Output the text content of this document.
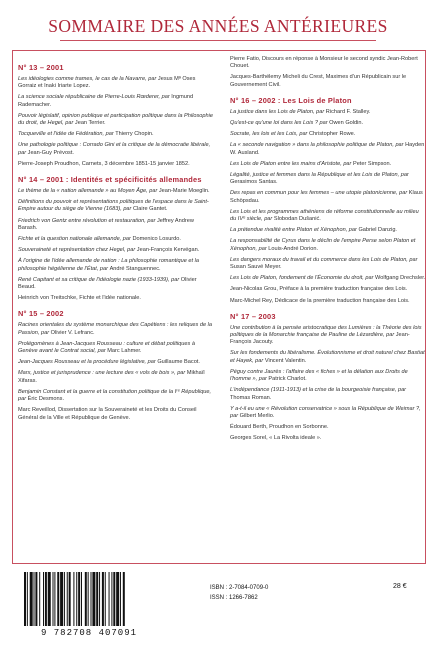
SOMMAIRE DES ANNÉES ANTÉRIEURES
N° 13 – 2001
Les idéologies comme trames, le cas de la Navarre, par Jesus Mª Oses Gorraiz et Inaki Iriarte Lopez.
La science sociale républicaine de Pierre-Louis Rœderer, par Ingmund Rademacher.
Pouvoir législatif, opinion publique et participation politique dans la Philosophie du droit, de Hegel, par Jean Terrier.
Tocqueville et l'idée de Fédération, par Thierry Chopin.
Une pathologie politique : Corrado Gini et la critique de la démocratie libérale, par Jean-Guy Prévost.
Pierre-Joseph Proudhon, Carnets, 3 décembre 1851-15 janvier 1852.
N° 14 – 2001 : Identités et spécificités allemandes
Le thème de la « nation allemande » au Moyen Âge, par Jean-Marie Moeglin.
Définitions du pouvoir et représentations politiques de l'espace dans le Saint-Empire autour du siège de Vienne (1683), par Claire Gantet.
Friedrich von Gentz entre révolution et restauration, par Jeffrey Andrew Barash.
Fichte et la question nationale allemande, par Domenico Losurdo.
Souveraineté et représentation chez Hegel, par Jean-François Kervégan.
À l'origine de l'idée allemande de nation : La philosophie romantique et la philosophie hégélienne de l'État, par André Stanguennec.
René Capitant et sa critique de l'idéologie nazie (1933-1939), par Olivier Beaud.
Heinrich von Treitschke, Fichte et l'idée nationale.
N° 15 – 2002
Racines orientales du système monarchique des Capétiens : les reliques de la Passion, par Olivier V. Lefranc.
Prolégomènes à Jean-Jacques Rousseau : culture et débat politiques à Genève avant le Contrat social, par Marc Lahmer.
Jean-Jacques Rousseau et la procédure législative, par Guillaume Bacot.
Marx, justice et jurisprudence : une lecture des « vols de bois », par Mikhaïl Xifaras.
Benjamin Constant et la guerre et la constitution politique de la Iʳᵉ République, par Éric Desmons.
Marc Reveillod, Dissertation sur la Souveraineté et les Droits du Conseil Général de la Ville et République de Genève.
Pierre Fatio, Discours en réponse à Monsieur le second syndic Jean-Robert Chouet.
Jacques-Barthélemy Micheli du Crest, Maximes d'un Républicain sur le Gouvernement Civil.
N° 16 – 2002 : Les Lois de Platon
La justice dans les Lois de Platon, par Richard F. Stalley.
Qu'est-ce qu'une loi dans les Lois ? par Owen Goldin.
Socrate, les lois et les Lois, par Christopher Rowe.
La « seconde navigation » dans la philosophie politique de Platon, par Hayden W. Ausland.
Les Lois de Platon entre les mains d'Aristote, par Peter Simpson.
Légalité, justice et femmes dans la République et les Lois de Platon, par Gerasimos Santas.
Des repas en commun pour les femmes – une utopie platonicienne, par Klaus Schöpsdau.
Les Lois et les programmes athéniens de réforme constitutionnelle au milieu du IVᵉ siècle, par Slobodan Dušanić.
La prétendue rivalité entre Platon et Xénophon, par Gabriel Danzig.
La responsabilité de Cyrus dans le déclin de l'empire Perse selon Platon et Xénophon, par Louis-André Dorion.
Les dangers moraux du travail et du commerce dans les Lois de Platon, par Susan Sauvé Meyer.
Les Lois de Platon, fondement de l'Économie du droit, par Wolfgang Drechsler.
Jean-Nicolas Grou, Préface à la première traduction française des Lois.
Marc-Michel Rey, Dédicace de la première traduction française des Lois.
N° 17 – 2003
Une contribution à la pensée aristocratique des Lumières : la Théorie des lois politiques de la Monarchie française de Pauline de Lézardière, par Jean-François Jacouty.
Sur les fondements du libéralisme. Évolutionnisme et droit naturel chez Bastiat et Hayek, par Vincent Valentin.
Péguy contre Jaurès : l'affaire des « fiches » et la délation aux Droits de l'homme », par Patrick Charlot.
L'indépendance (1911-1913) et la crise de la bourgeoisie française, par Thomas Roman.
Y a-t-il eu une « Révolution conservatrice » sous la République de Weimar ?, par Gilbert Merlio.
Édouard Berth, Proudhon en Sorbonne.
Georges Sorel, « La Rivolta ideale ».
9 782708 407091
ISBN : 2-7084-0709-0
ISSN : 1266-7862
28 €
